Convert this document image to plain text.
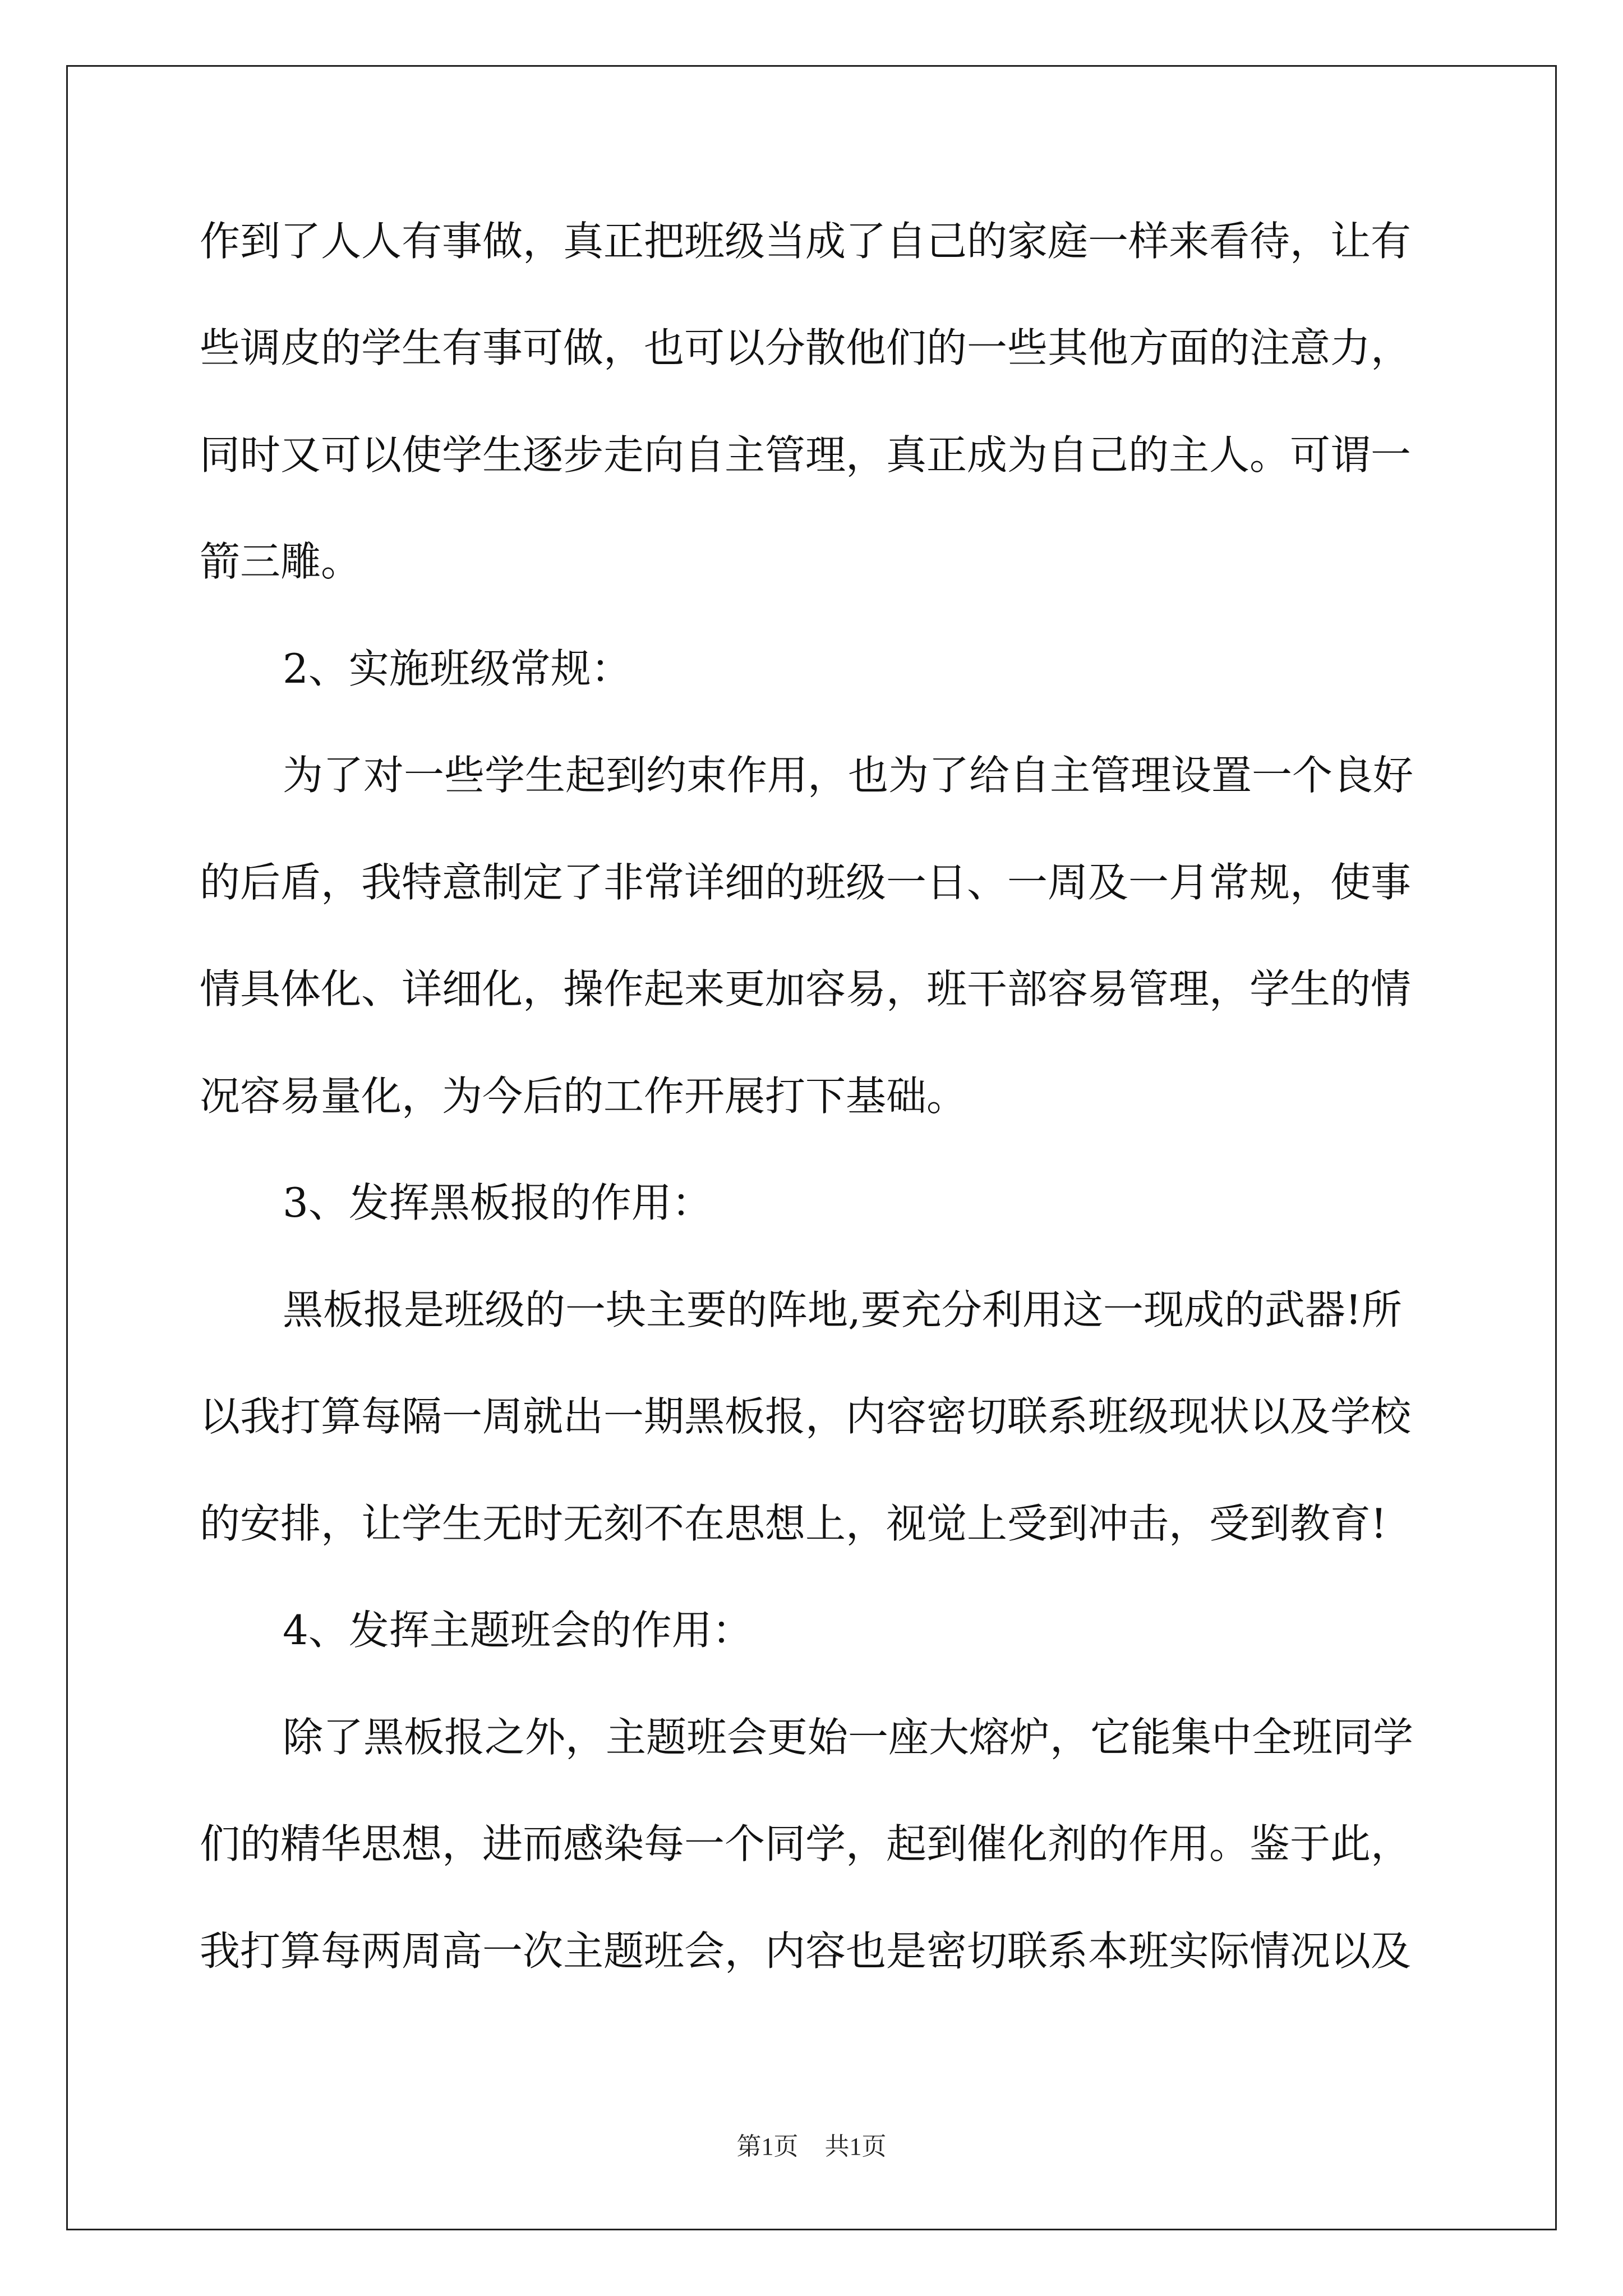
作到了人人有事做，真正把班级当成了自己的家庭一样来看待，让有
些调皮的学生有事可做，也可以分散他们的一些其他方面的注意力，
同时又可以使学生逐步走向自主管理，真正成为自己的主人。可谓一
箭三雕。
2、实施班级常规：
为了对一些学生起到约束作用，也为了给自主管理设置一个良好
的后盾，我特意制定了非常详细的班级一日、一周及一月常规，使事
情具体化、详细化，操作起来更加容易，班干部容易管理，学生的情
况容易量化，为今后的工作开展打下基础。
3、发挥黑板报的作用：
黑板报是班级的一块主要的阵地,要充分利用这一现成的武器!所
以我打算每隔一周就出一期黑板报，内容密切联系班级现状以及学校
的安排，让学生无时无刻不在思想上，视觉上受到冲击，受到教育!
4、发挥主题班会的作用：
除了黑板报之外，主题班会更始一座大熔炉，它能集中全班同学
们的精华思想，进而感染每一个同学，起到催化剂的作用。鉴于此，
我打算每两周高一次主题班会，内容也是密切联系本班实际情况以及
第1页 共1页
